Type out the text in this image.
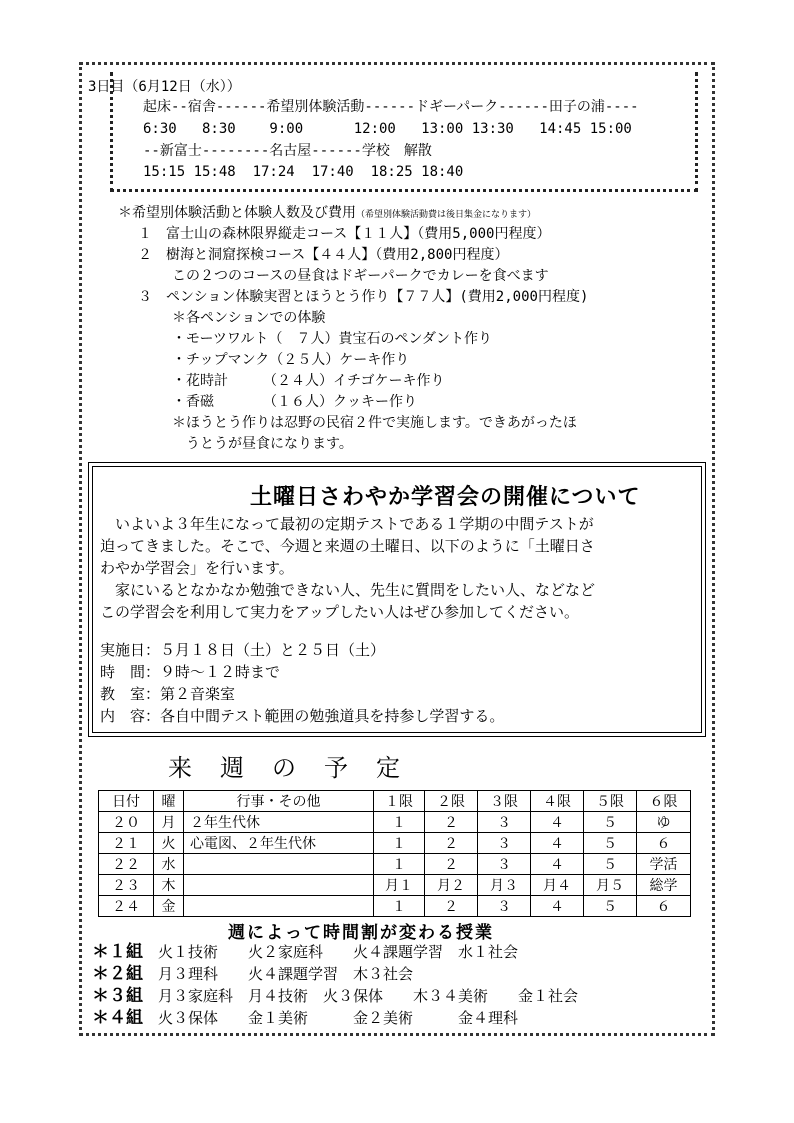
3日目（6月12日（水））
起床--宿舎------希望別体験活動------ドギーパーク------田子の浦----
6:30   8:30    9:00      12:00   13:00 13:30   14:45 15:00
--新富士--------名古屋------学校　解散
15:15 15:48  17:24  17:40  18:25 18:40
＊希望別体験活動と体験人数及び費用（希望別体験活動費は後日集金になります）
１　富士山の森林限界縦走コース【１１人】（費用5,000円程度）
２　樹海と洞窟探検コース【４４人】（費用2,800円程度）
この２つのコースの昼食はドギーパークでカレーを食べます
３　ペンション体験実習とほうとう作り【７７人】(費用2,000円程度)
＊各ペンションでの体験
・モーツワルト（　７人）貴宝石のペンダント作り
・チップマンク（２５人）ケーキ作り
・花時計　　　（２４人）イチゴケーキ作り
・香磁　　　　（１６人）クッキー作り
＊ほうとう作りは忍野の民宿２件で実施します。できあがったほ
うとうが昼食になります。
土曜日さわやか学習会の開催について
　いよいよ３年生になって最初の定期テストである１学期の中間テストが
迫ってきました。そこで、今週と来週の土曜日、以下のように「土曜日さ
わやか学習会」を行います。
　家にいるとなかなか勉強できない人、先生に質問をしたい人、などなど
この学習会を利用して実力をアップしたい人はぜひ参加してください。
実施日：５月１８日（土）と２５日（土）
時　間：９時～１２時まで
教　室：第２音楽室
内　容：各自中間テスト範囲の勉強道具を持参し学習する。
来週の予定
日付	曜	行事・その他	１限	２限	３限	４限	５限	６限
２０	月	２年生代休	１	２	３	４	５	ゆ
２１	火	心電図、２年生代休	１	２	３	４	５	６
２２	水		１	２	３	４	５	学活
２３	木		月１	月２	月３	月４	月５	総学
２４	金		１	２	３	４	５	６
週によって時間割が変わる授業
＊１組　 火１技術　　火２家庭科　　火４課題学習　水１社会
＊２組　 月３理科　　火４課題学習　木３社会
＊３組　 月３家庭科　月４技術　火３保体　　木３４美術　　金１社会
＊４組　 火３保体　　金１美術　　　金２美術　　　金４理科
